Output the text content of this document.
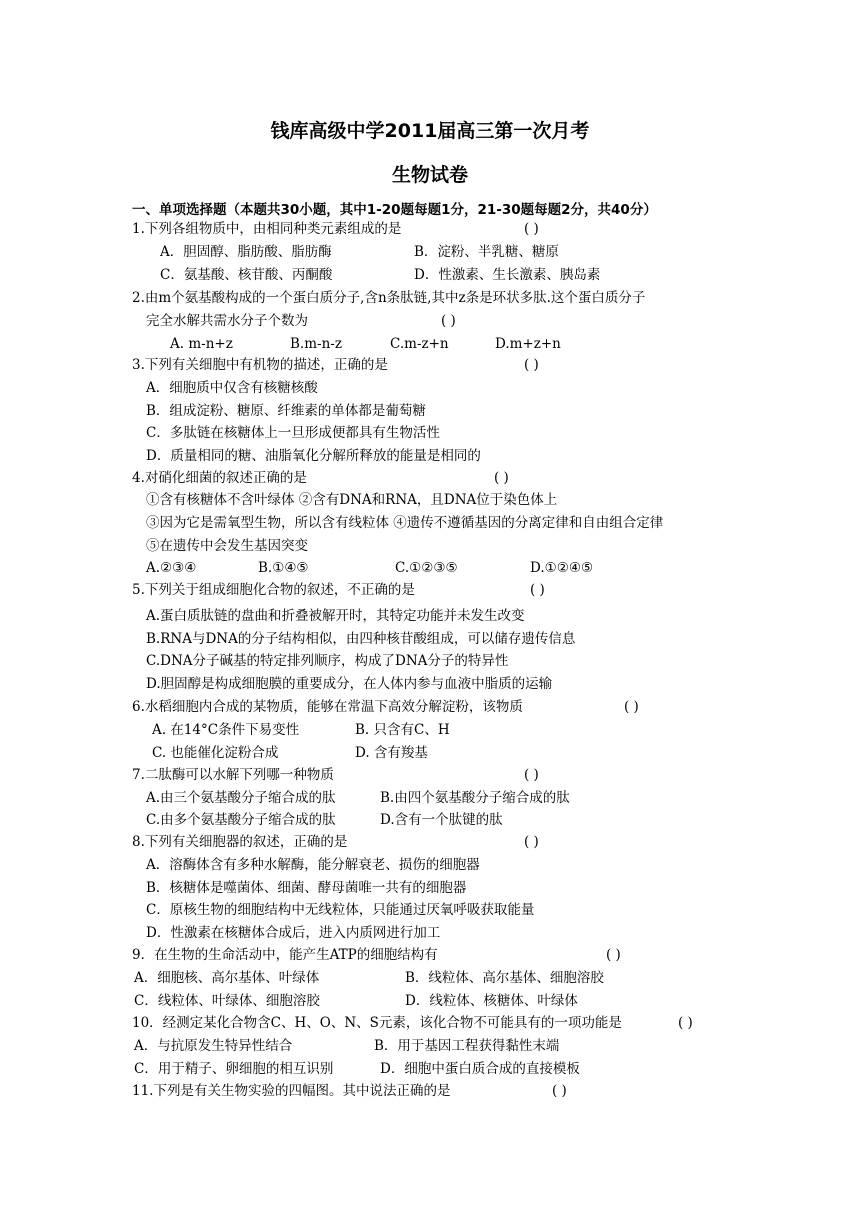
钱库高级中学2011届高三第一次月考
生物试卷
一、单项选择题（本题共30小题，其中1-20题每题1分，21-30题每题2分，共40分）
1.下列各组物质中，由相同种类元素组成的是	( )
A．胆固醇、脂肪酸、脂肪酶	B．淀粉、半乳糖、糖原
C．氨基酸、核苷酸、丙酮酸	D．性激素、生长激素、胰岛素
2.由m个氨基酸构成的一个蛋白质分子,含n条肽链,其中z条是环状多肽.这个蛋白质分子
完全水解共需水分子个数为	( )
A. m-n+z	B.m-n-z	C.m-z+n	D.m+z+n
3.下列有关细胞中有机物的描述，正确的是	( )
A．细胞质中仅含有核糖核酸
B．组成淀粉、糖原、纤维素的单体都是葡萄糖
C．多肽链在核糖体上一旦形成便都具有生物活性
D．质量相同的糖、油脂氧化分解所释放的能量是相同的
4.对硝化细菌的叙述正确的是	( )
①含有核糖体不含叶绿体 ②含有DNA和RNA，且DNA位于染色体上
③因为它是需氧型生物，所以含有线粒体 ④遗传不遵循基因的分离定律和自由组合定律
⑤在遗传中会发生基因突变
A.②③④	B.①④⑤	C.①②③⑤	D.①②④⑤
5.下列关于组成细胞化合物的叙述，不正确的是	( )
A.蛋白质肽链的盘曲和折叠被解开时，其特定功能并未发生改变
B.RNA与DNA的分子结构相似，由四种核苷酸组成，可以储存遗传信息
C.DNA分子碱基的特定排列顺序，构成了DNA分子的特异性
D.胆固醇是构成细胞膜的重要成分，在人体内参与血液中脂质的运输
6.水稻细胞内合成的某物质，能够在常温下高效分解淀粉，该物质	( )
A. 在14°C条件下易变性	B. 只含有C、H
C. 也能催化淀粉合成	D. 含有羧基
7.二肽酶可以水解下列哪一种物质	( )
A.由三个氨基酸分子缩合成的肽	B.由四个氨基酸分子缩合成的肽
C.由多个氨基酸分子缩合成的肽	D.含有一个肽键的肽
8.下列有关细胞器的叙述，正确的是	( )
A．溶酶体含有多种水解酶，能分解衰老、损伤的细胞器
B．核糖体是噬菌体、细菌、酵母菌唯一共有的细胞器
C．原核生物的细胞结构中无线粒体，只能通过厌氧呼吸获取能量
D．性激素在核糖体合成后，进入内质网进行加工
9．在生物的生命活动中，能产生ATP的细胞结构有	( )
A．细胞核、高尔基体、叶绿体	B．线粒体、高尔基体、细胞溶胶
C．线粒体、叶绿体、细胞溶胶	D．线粒体、核糖体、叶绿体
10．经测定某化合物含C、H、O、N、S元素，该化合物不可能具有的一项功能是	( )
A．与抗原发生特异性结合	B．用于基因工程获得黏性末端
C．用于精子、卵细胞的相互识别	D．细胞中蛋白质合成的直接模板
11.下列是有关生物实验的四幅图。其中说法正确的是	( )
